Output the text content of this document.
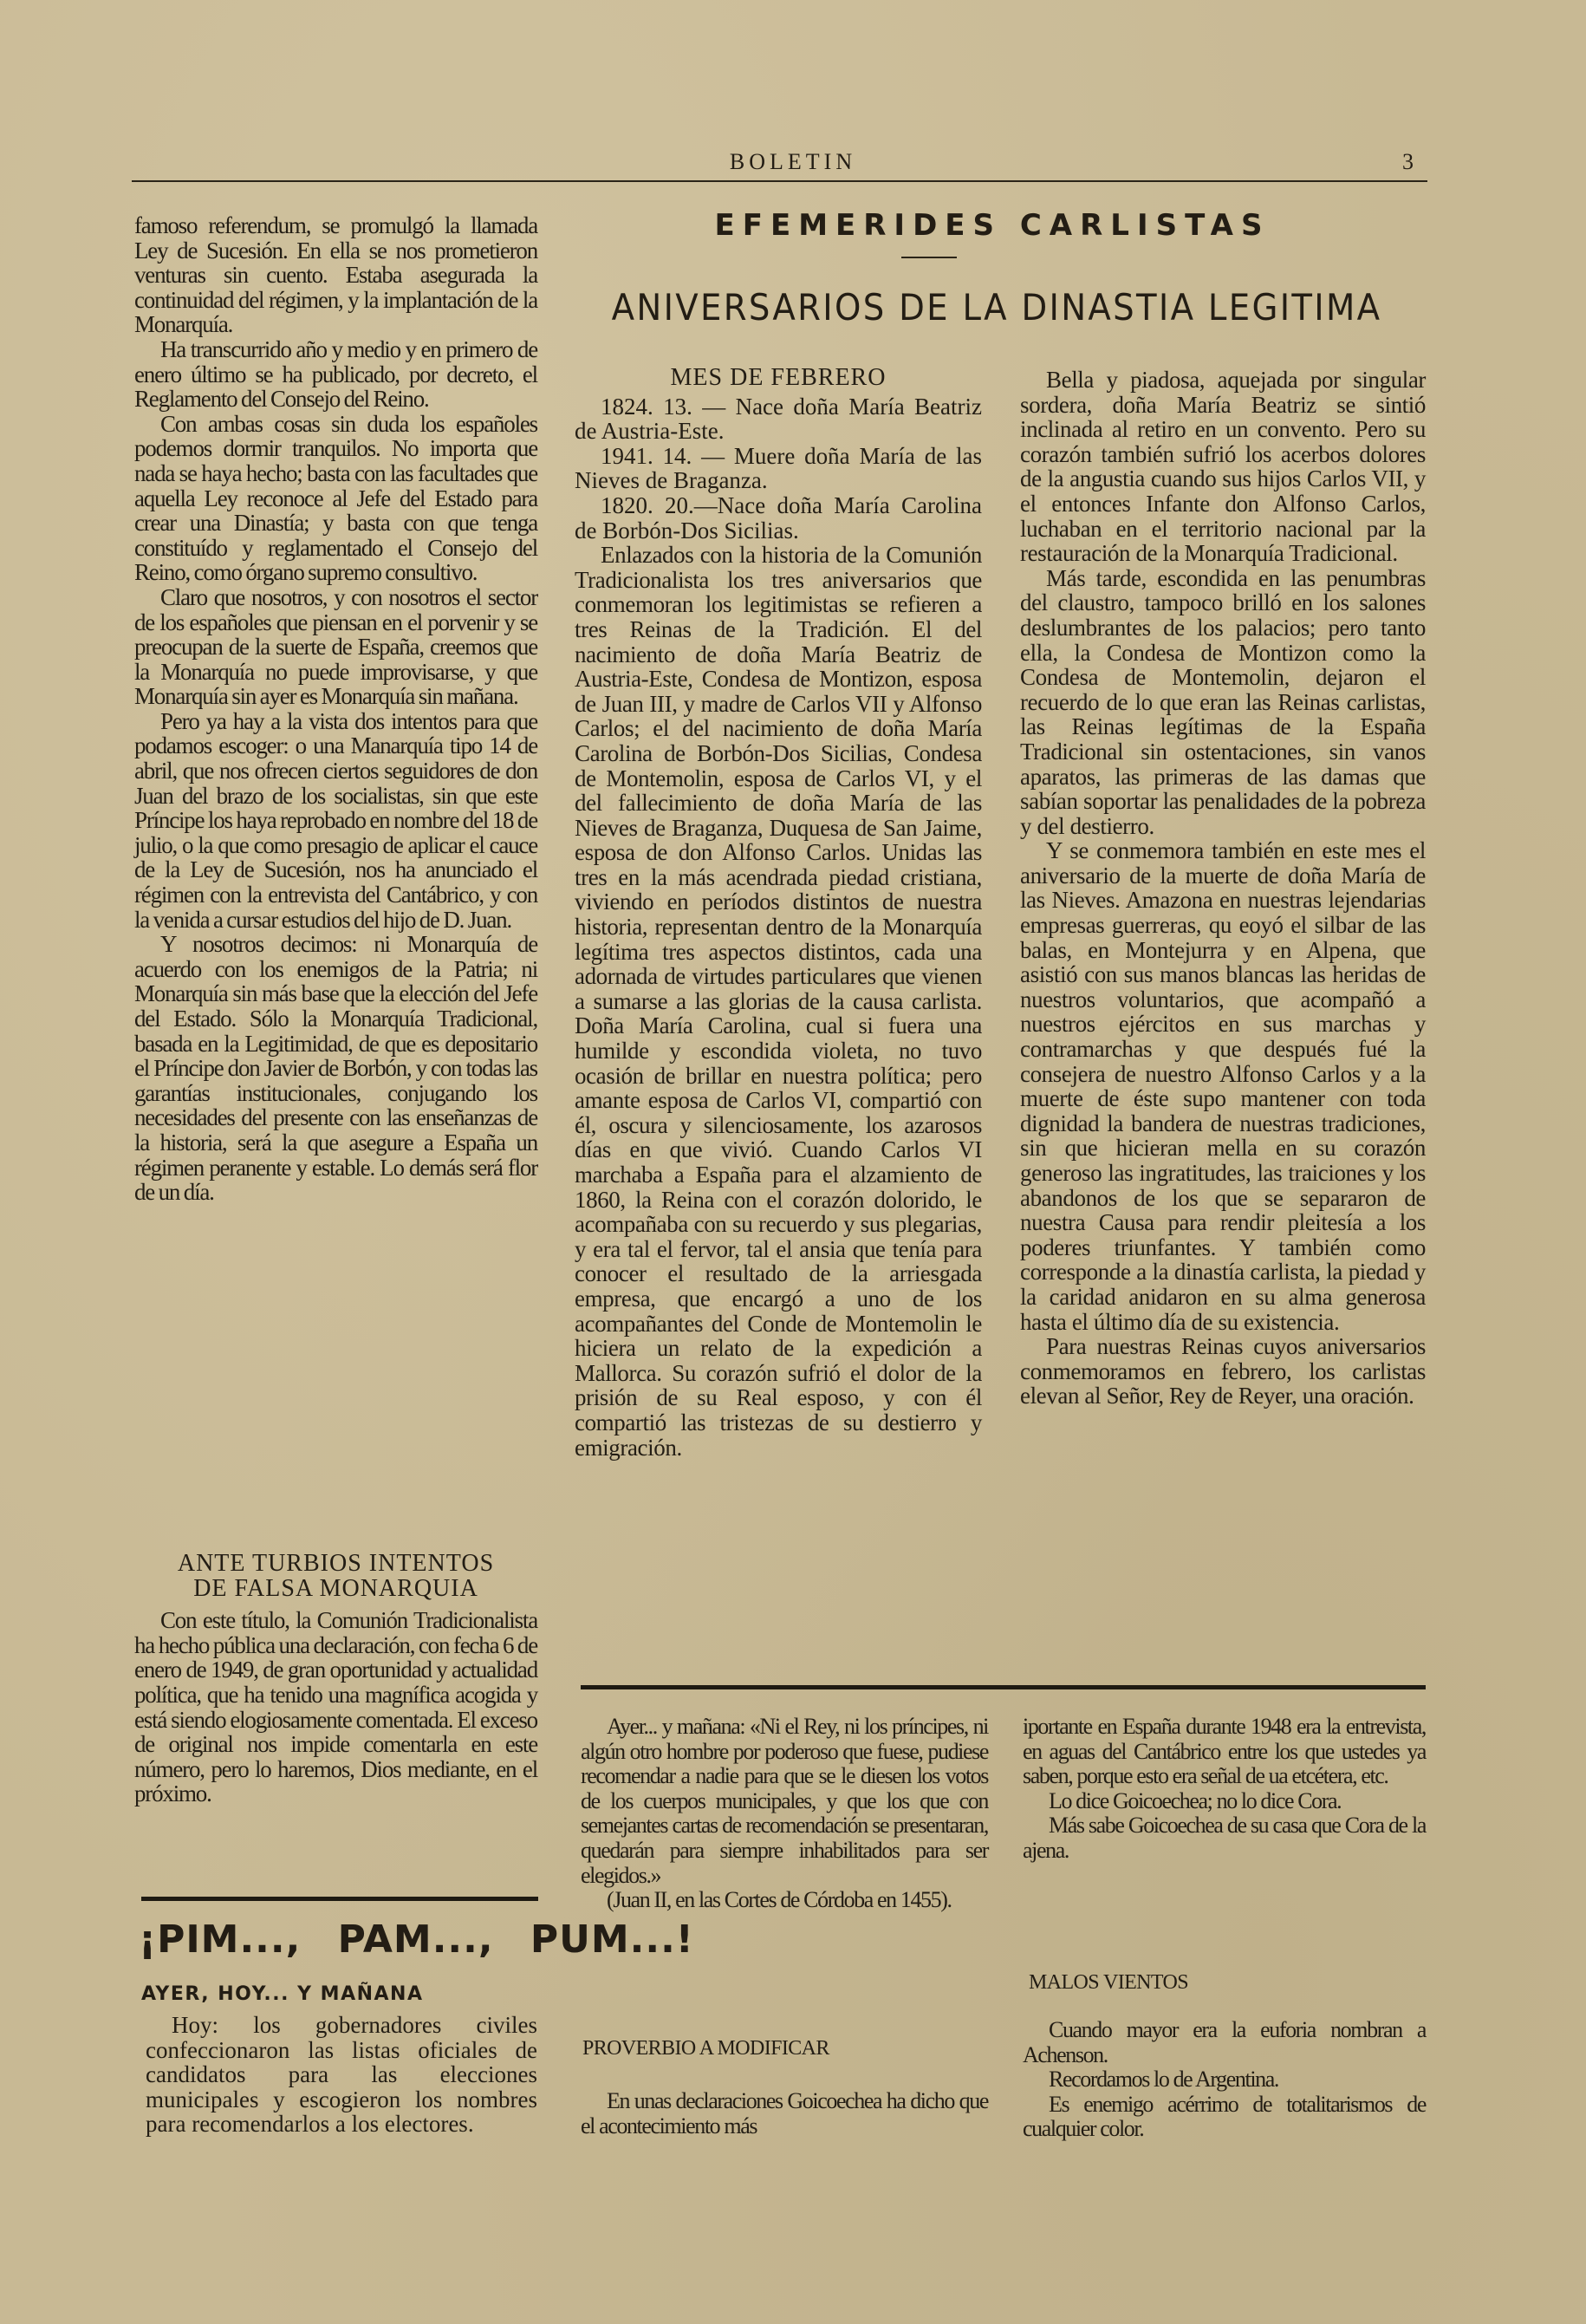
BOLETIN	3

famoso referendum, se promulgó la llamada Ley de Sucesión. En ella se nos prometieron venturas sin cuento. Estaba asegurada la continuidad del régimen, y la implantación de la Monarquía.

Ha transcurrido año y medio y en primero de enero último se ha publicado, por decreto, el Reglamento del Consejo del Reino.

Con ambas cosas sin duda los españoles podemos dormir tranquilos. No importa que nada se haya hecho; basta con las facultades que aquella Ley reconoce al Jefe del Estado para crear una Dinastía; y basta con que tenga constituído y reglamentado el Consejo del Reino, como órgano supremo consultivo.

Claro que nosotros, y con nosotros el sector de los españoles que piensan en el porvenir y se preocupan de la suerte de España, creemos que la Monarquía no puede improvisarse, y que Monarquía sin ayer es Monarquía sin mañana.

Pero ya hay a la vista dos intentos para que podamos escoger: o una Manarquía tipo 14 de abril, que nos ofrecen ciertos seguidores de don Juan del brazo de los socialistas, sin que este Príncipe los haya reprobado en nombre del 18 de julio, o la que como presagio de aplicar el cauce de la Ley de Sucesión, nos ha anunciado el régimen con la entrevista del Cantábrico, y con la venida a cursar estudios del hijo de D. Juan.

Y nosotros decimos: ni Monarquía de acuerdo con los enemigos de la Patria; ni Monarquía sin más base que la elección del Jefe del Estado. Sólo la Monarquía Tradicional, basada en la Legitimidad, de que es depositario el Príncipe don Javier de Borbón, y con todas las garantías institucionales, conjugando los necesidades del presente con las enseñanzas de la historia, será la que asegure a España un régimen peranente y estable. Lo demás será flor de un día.

ANTE TURBIOS INTENTOS

DE FALSA MONARQUIA

Con este título, la Comunión Tradicionalista ha hecho pública una declaración, con fecha 6 de enero de 1949, de gran oportunidad y actualidad política, que ha tenido una magnífica acogida y está siendo elogiosamente comentada. El exceso de original nos impide comentarla en este número, pero lo haremos, Dios mediante, en el próximo.

EFEMERIDES CARLISTAS
ANIVERSARIOS DE LA DINASTIA LEGITIMA

MES DE FEBRERO

1824. 13. — Nace doña María Beatriz de Austria-Este.

1941. 14. — Muere doña María de las Nieves de Braganza.

1820. 20.—Nace doña María Carolina de Borbón-Dos Sicilias.

Enlazados con la historia de la Comunión Tradicionalista los tres aniversarios que conmemoran los legitimistas se refieren a tres Reinas de la Tradición. El del nacimiento de doña María Beatriz de Austria-Este, Condesa de Montizon, esposa de Juan III, y madre de Carlos VII y Alfonso Carlos; el del nacimiento de doña María Carolina de Borbón-Dos Sicilias, Condesa de Montemolin, esposa de Carlos VI, y el del fallecimiento de doña María de las Nieves de Braganza, Duquesa de San Jaime, esposa de don Alfonso Carlos. Unidas las tres en la más acendrada piedad cristiana, viviendo en períodos distintos de nuestra historia, representan dentro de la Monarquía legítima tres aspectos distintos, cada una adornada de virtudes particulares que vienen a sumarse a las glorias de la causa carlista. Doña María Carolina, cual si fuera una humilde y escondida violeta, no tuvo ocasión de brillar en nuestra política; pero amante esposa de Carlos VI, compartió con él, oscura y silenciosamente, los azarosos días en que vivió. Cuando Carlos VI marchaba a España para el alzamiento de 1860, la Reina con el corazón dolorido, le acompañaba con su recuerdo y sus plegarias, y era tal el fervor, tal el ansia que tenía para conocer el resultado de la arriesgada empresa, que encargó a uno de los acompañantes del Conde de Montemolin le hiciera un relato de la expedición a Mallorca. Su corazón sufrió el dolor de la prisión de su Real esposo, y con él compartió las tristezas de su destierro y emigración.

Bella y piadosa, aquejada por singular sordera, doña María Beatriz se sintió inclinada al retiro en un convento. Pero su corazón también sufrió los acerbos dolores de la angustia cuando sus hijos Carlos VII, y el entonces Infante don Alfonso Carlos, luchaban en el territorio nacional par la restauración de la Monarquía Tradicional.

Más tarde, escondida en las penumbras del claustro, tampoco brilló en los salones deslumbrantes de los palacios; pero tanto ella, la Condesa de Montizon como la Condesa de Montemolin, dejaron el recuerdo de lo que eran las Reinas carlistas, las Reinas legítimas de la España Tradicional sin ostentaciones, sin vanos aparatos, las primeras de las damas que sabían soportar las penalidades de la pobreza y del destierro.

Y se conmemora también en este mes el aniversario de la muerte de doña María de las Nieves. Amazona en nuestras lejendarias empresas guerreras, qu eoyó el silbar de las balas, en Montejurra y en Alpena, que asistió con sus manos blancas las heridas de nuestros voluntarios, que acompañó a nuestros ejércitos en sus marchas y contramarchas y que después fué la consejera de nuestro Alfonso Carlos y a la muerte de éste supo mantener con toda dignidad la bandera de nuestras tradiciones, sin que hicieran mella en su corazón generoso las ingratitudes, las traiciones y los abandonos de los que se separaron de nuestra Causa para rendir pleitesía a los poderes triunfantes. Y también como corresponde a la dinastía carlista, la piedad y la caridad anidaron en su alma generosa hasta el último día de su existencia.

Para nuestras Reinas cuyos aniversarios conmemoramos en febrero, los carlistas elevan al Señor, Rey de Reyer, una oración.

¡PIM..., PAM..., PUM...!
AYER, HOY... Y MAÑANA

Hoy: los gobernadores civiles confeccionaron las listas oficiales de candidatos para las elecciones municipales y escogieron los nombres para recomendarlos a los electores.

Ayer... y mañana: «Ni el Rey, ni los príncipes, ni algún otro hombre por poderoso que fuese, pudiese recomendar a nadie para que se le diesen los votos de los cuerpos municipales, y que los que con semejantes cartas de recomendación se presentaran, quedarán para siempre inhabilitados para ser elegidos.»

(Juan II, en las Cortes de Córdoba en 1455).

PROVERBIO A MODIFICAR

En unas declaraciones Goicoechea ha dicho que el acontecimiento más

iportante en España durante 1948 era la entrevista, en aguas del Cantábrico entre los que ustedes ya saben, porque esto era señal de ua etcétera, etc.

Lo dice Goicoechea; no lo dice Cora.

Más sabe Goicoechea de su casa que Cora de la ajena.

MALOS VIENTOS

Cuando mayor era la euforia nombran a Achenson.

Recordamos lo de Argentina.

Es enemigo acérrimo de totalitarismos de cualquier color.
